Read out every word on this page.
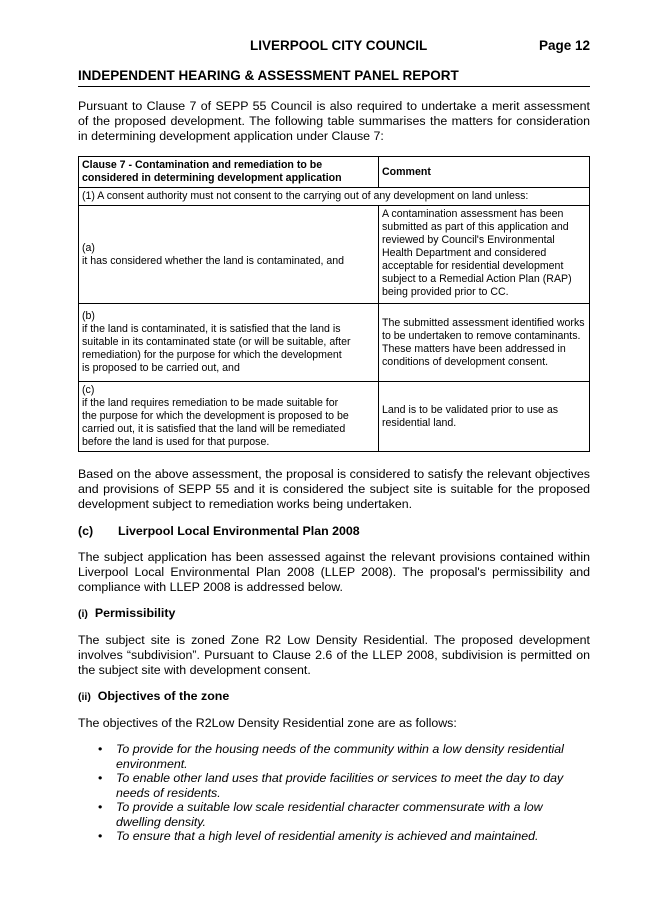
LIVERPOOL CITY COUNCIL	Page 12
INDEPENDENT HEARING & ASSESSMENT PANEL REPORT
Pursuant to Clause 7 of SEPP 55 Council is also required to undertake a merit assessment of the proposed development. The following table summarises the matters for consideration in determining development application under Clause 7:
Clause 7 - Contamination and remediation to be considered in determining development application	Comment
(1) A consent authority must not consent to the carrying out of any development on land unless:	
(a)it has considered whether the land is contaminated, and	A contamination assessment has been submitted as part of this application and reviewed by Council's Environmental Health Department and considered acceptable for residential development subject to a Remedial Action Plan (RAP) being provided prior to CC.
(b)if the land is contaminated, it is satisfied that the land is suitable in its contaminated state (or will be suitable, after remediation) for the purpose for which the development is proposed to be carried out, and	The submitted assessment identified works to be undertaken to remove contaminants. These matters have been addressed in conditions of development consent.
(c)if the land requires remediation to be made suitable for the purpose for which the development is proposed to be carried out, it is satisfied that the land will be remediated before the land is used for that purpose.	Land is to be validated prior to use as residential land.
Based on the above assessment, the proposal is considered to satisfy the relevant objectives and provisions of SEPP 55 and it is considered the subject site is suitable for the proposed development subject to remediation works being undertaken.
(c) Liverpool Local Environmental Plan 2008
The subject application has been assessed against the relevant provisions contained within Liverpool Local Environmental Plan 2008 (LLEP 2008). The proposal's permissibility and compliance with LLEP 2008 is addressed below.
(i) Permissibility
The subject site is zoned Zone R2 Low Density Residential. The proposed development involves “subdivision”. Pursuant to Clause 2.6 of the LLEP 2008, subdivision is permitted on the subject site with development consent.
(ii) Objectives of the zone
The objectives of the R2Low Density Residential zone are as follows:
• To provide for the housing needs of the community within a low density residential environment.
• To enable other land uses that provide facilities or services to meet the day to day needs of residents.
• To provide a suitable low scale residential character commensurate with a low dwelling density.
• To ensure that a high level of residential amenity is achieved and maintained.
